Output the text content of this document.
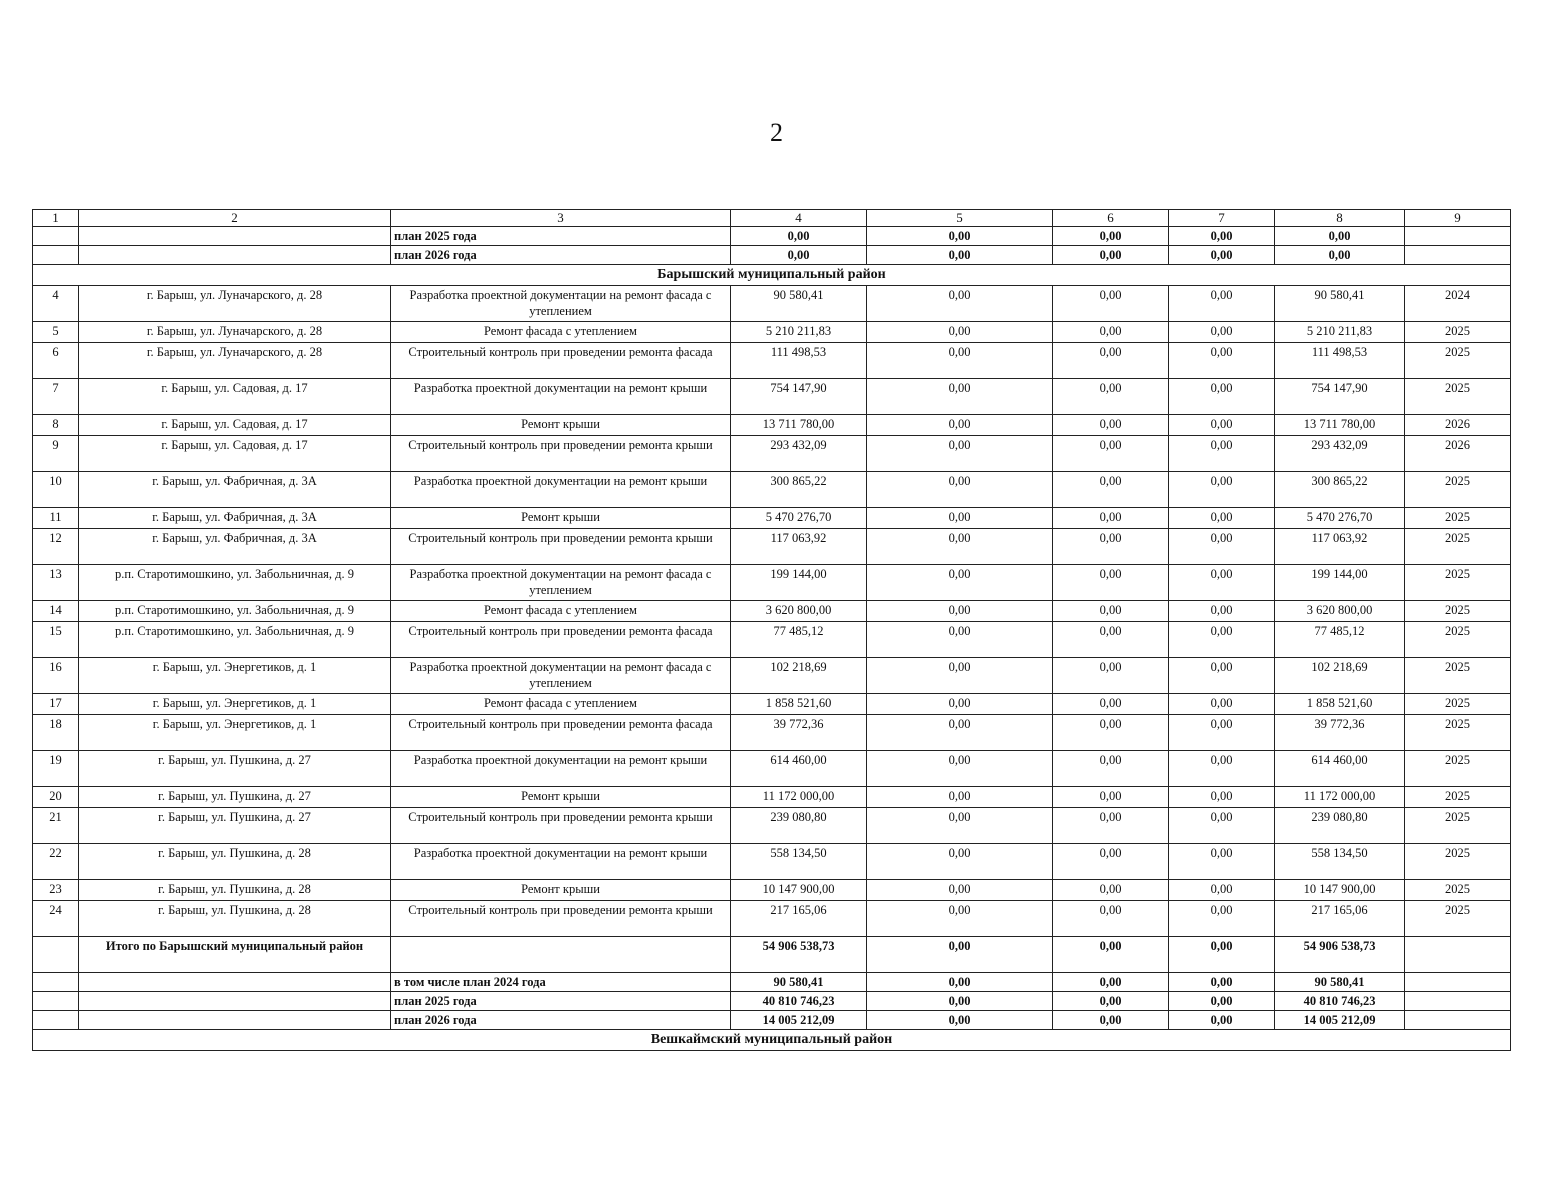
2
1	2	3	4	5	6	7	8	9
		план 2025 года	0,00	0,00	0,00	0,00	0,00	
		план 2026 года	0,00	0,00	0,00	0,00	0,00	
Барышский муниципальный район								
4	г. Барыш, ул. Луначарского, д. 28	Разработка проектной документации на ремонт фасада с утеплением	90 580,41	0,00	0,00	0,00	90 580,41	2024
5	г. Барыш, ул. Луначарского, д. 28	Ремонт фасада с утеплением	5 210 211,83	0,00	0,00	0,00	5 210 211,83	2025
6	г. Барыш, ул. Луначарского, д. 28	Строительный контроль при проведении ремонта фасада	111 498,53	0,00	0,00	0,00	111 498,53	2025
7	г. Барыш, ул. Садовая, д. 17	Разработка проектной документации на ремонт крыши	754 147,90	0,00	0,00	0,00	754 147,90	2025
8	г. Барыш, ул. Садовая, д. 17	Ремонт крыши	13 711 780,00	0,00	0,00	0,00	13 711 780,00	2026
9	г. Барыш, ул. Садовая, д. 17	Строительный контроль при проведении ремонта крыши	293 432,09	0,00	0,00	0,00	293 432,09	2026
10	г. Барыш, ул. Фабричная, д. 3А	Разработка проектной документации на ремонт крыши	300 865,22	0,00	0,00	0,00	300 865,22	2025
11	г. Барыш, ул. Фабричная, д. 3А	Ремонт крыши	5 470 276,70	0,00	0,00	0,00	5 470 276,70	2025
12	г. Барыш, ул. Фабричная, д. 3А	Строительный контроль при проведении ремонта крыши	117 063,92	0,00	0,00	0,00	117 063,92	2025
13	р.п. Старотимошкино, ул. Забольничная, д. 9	Разработка проектной документации на ремонт фасада с утеплением	199 144,00	0,00	0,00	0,00	199 144,00	2025
14	р.п. Старотимошкино, ул. Забольничная, д. 9	Ремонт фасада с утеплением	3 620 800,00	0,00	0,00	0,00	3 620 800,00	2025
15	р.п. Старотимошкино, ул. Забольничная, д. 9	Строительный контроль при проведении ремонта фасада	77 485,12	0,00	0,00	0,00	77 485,12	2025
16	г. Барыш, ул. Энергетиков, д. 1	Разработка проектной документации на ремонт фасада с утеплением	102 218,69	0,00	0,00	0,00	102 218,69	2025
17	г. Барыш, ул. Энергетиков, д. 1	Ремонт фасада с утеплением	1 858 521,60	0,00	0,00	0,00	1 858 521,60	2025
18	г. Барыш, ул. Энергетиков, д. 1	Строительный контроль при проведении ремонта фасада	39 772,36	0,00	0,00	0,00	39 772,36	2025
19	г. Барыш, ул. Пушкина, д. 27	Разработка проектной документации на ремонт крыши	614 460,00	0,00	0,00	0,00	614 460,00	2025
20	г. Барыш, ул. Пушкина, д. 27	Ремонт крыши	11 172 000,00	0,00	0,00	0,00	11 172 000,00	2025
21	г. Барыш, ул. Пушкина, д. 27	Строительный контроль при проведении ремонта крыши	239 080,80	0,00	0,00	0,00	239 080,80	2025
22	г. Барыш, ул. Пушкина, д. 28	Разработка проектной документации на ремонт крыши	558 134,50	0,00	0,00	0,00	558 134,50	2025
23	г. Барыш, ул. Пушкина, д. 28	Ремонт крыши	10 147 900,00	0,00	0,00	0,00	10 147 900,00	2025
24	г. Барыш, ул. Пушкина, д. 28	Строительный контроль при проведении ремонта крыши	217 165,06	0,00	0,00	0,00	217 165,06	2025
	Итого по Барышский муниципальный район		54 906 538,73	0,00	0,00	0,00	54 906 538,73	
		в том числе план 2024 года	90 580,41	0,00	0,00	0,00	90 580,41	
		план 2025 года	40 810 746,23	0,00	0,00	0,00	40 810 746,23	
		план 2026 года	14 005 212,09	0,00	0,00	0,00	14 005 212,09	
Вешкаймский муниципальный район								
